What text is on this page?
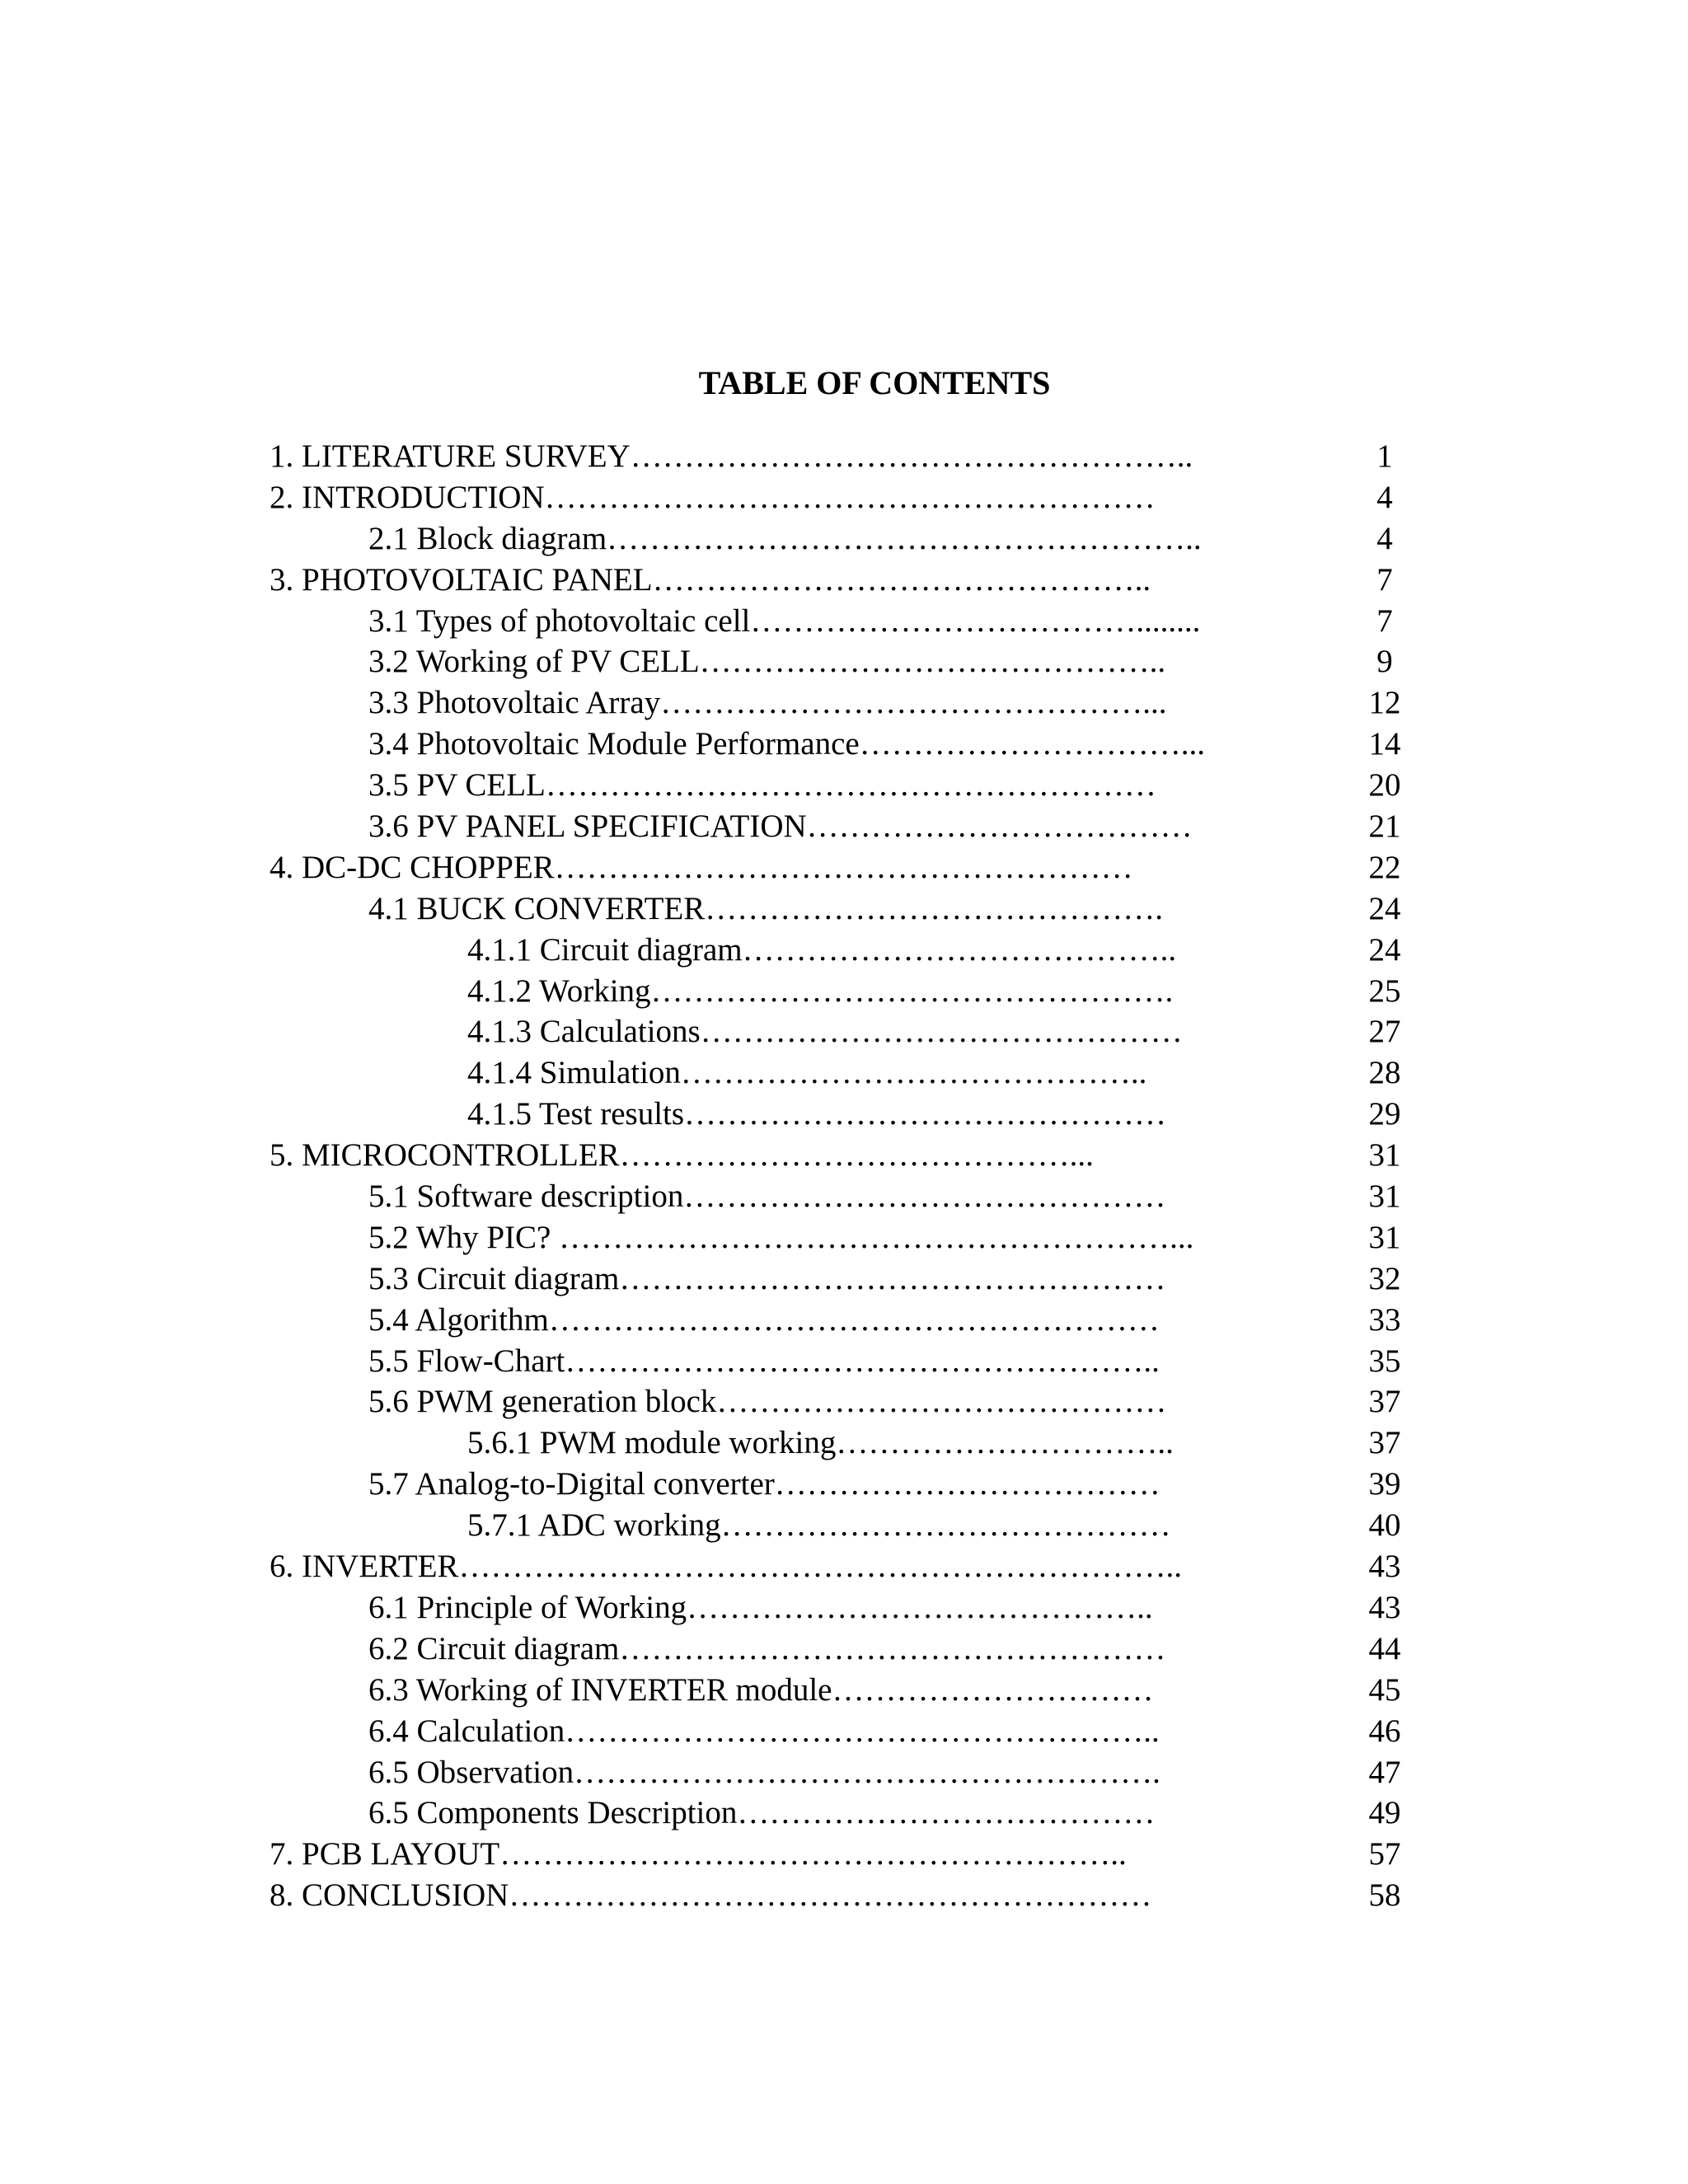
TABLE OF CONTENTS
1. LITERATURE SURVEY……………………………………………..	1
2. INTRODUCTION…………………………………………………	4
2.1 Block diagram………………………………………………..	4
3. PHOTOVOLTAIC PANEL………………………………………..	7
3.1 Types of photovoltaic cell………………………………........	7
3.2 Working of PV CELL……………………………………..	9
3.3 Photovoltaic Array………………………………………...	12
3.4 Photovoltaic Module Performance…………………………...	14
3.5 PV CELL…………………………………………………	20
3.6 PV PANEL SPECIFICATION………………………………	21
4. DC-DC CHOPPER………………………………………………	22
4.1 BUCK CONVERTER…………………………………….	24
4.1.1 Circuit diagram…………………………………..	24
4.1.2 Working………………………………………….	25
4.1.3 Calculations………………………………………	27
4.1.4 Simulation……………………………………..	28
4.1.5 Test results………………………………………	29
5. MICROCONTROLLER……………………………………...	31
5.1 Software description………………………………………	31
5.2 Why PIC? …………………………………………………...	31
5.3 Circuit diagram……………………………………………	32
5.4 Algorithm…………………………………………………	33
5.5 Flow-Chart………………………………………………..	35
5.6 PWM generation block……………………………………	37
5.6.1 PWM module working…………………………..	37
5.7 Analog-to-Digital converter………………………………	39
5.7.1 ADC working……………………………………	40
6. INVERTER…………………………………………………………..	43
6.1 Principle of Working……………………………………..	43
6.2 Circuit diagram……………………………………………	44
6.3 Working of INVERTER module…………………………	45
6.4 Calculation………………………………………………..	46
6.5 Observation……………………………………………….	47
6.5 Components Description…………………………………	49
7. PCB LAYOUT…………………………………………………..	57
8. CONCLUSION……………………………………………………	58
